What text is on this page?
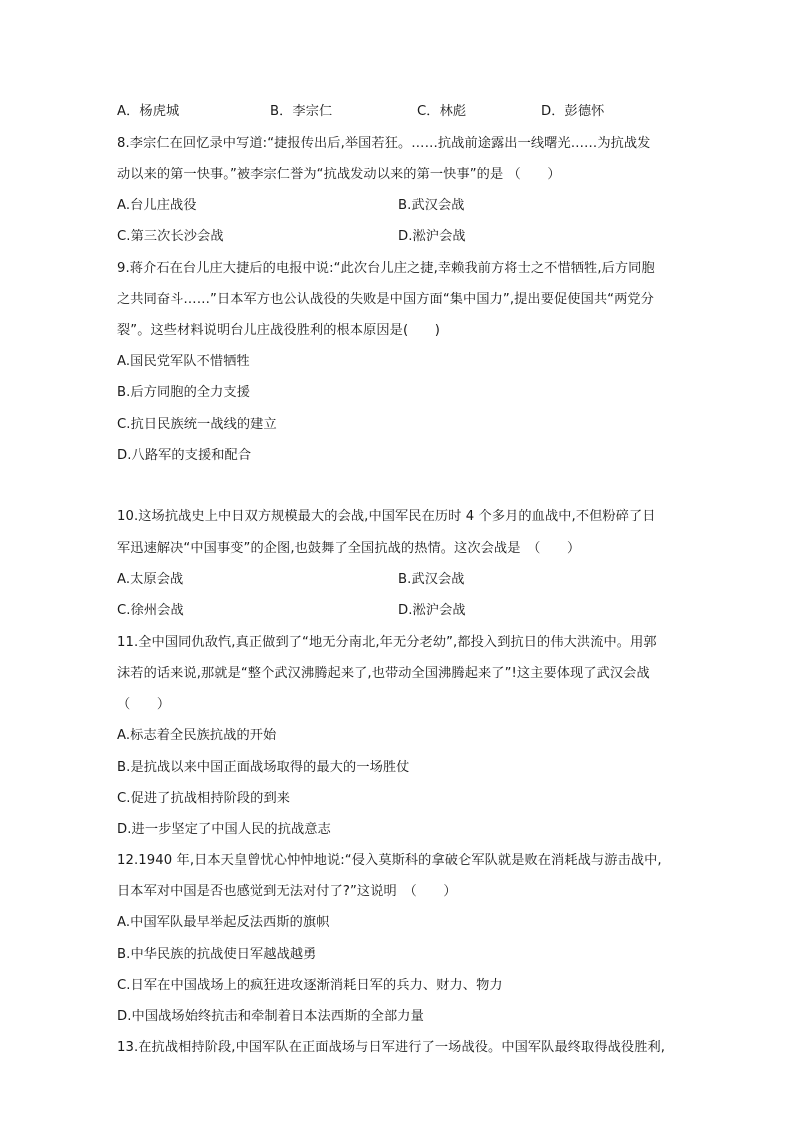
A．杨虎城	B．李宗仁	C．林彪	D．彭德怀
8.李宗仁在回忆录中写道:“捷报传出后,举国若狂。……抗战前途露出一线曙光……为抗战发
动以来的第一快事。”被李宗仁誉为“抗战发动以来的第一快事”的是 （　　）
A.台儿庄战役	B.武汉会战
C.第三次长沙会战	D.淞沪会战
9.蒋介石在台儿庄大捷后的电报中说:“此次台儿庄之捷,幸赖我前方将士之不惜牺牲,后方同胞
之共同奋斗……”日本军方也公认战役的失败是中国方面“集中国力”,提出要促使国共“两党分
裂”。这些材料说明台儿庄战役胜利的根本原因是(　　)
A.国民党军队不惜牺牲
B.后方同胞的全力支援
C.抗日民族统一战线的建立
D.八路军的支援和配合
10.这场抗战史上中日双方规模最大的会战,中国军民在历时 4 个多月的血战中,不但粉碎了日
军迅速解决“中国事变”的企图,也鼓舞了全国抗战的热情。这次会战是　（　　）
A.太原会战	B.武汉会战
C.徐州会战	D.淞沪会战
11.全中国同仇敌忾,真正做到了“地无分南北,年无分老幼”,都投入到抗日的伟大洪流中。用郭
沫若的话来说,那就是“整个武汉沸腾起来了,也带动全国沸腾起来了”!这主要体现了武汉会战
（　　）
A.标志着全民族抗战的开始
B.是抗战以来中国正面战场取得的最大的一场胜仗
C.促进了抗战相持阶段的到来
D.进一步坚定了中国人民的抗战意志
12.1940 年,日本天皇曾忧心忡忡地说:“侵入莫斯科的拿破仑军队就是败在消耗战与游击战中,
日本军对中国是否也感觉到无法对付了?”这说明　（　　）
A.中国军队最早举起反法西斯的旗帜
B.中华民族的抗战使日军越战越勇
C.日军在中国战场上的疯狂进攻逐渐消耗日军的兵力、财力、物力
D.中国战场始终抗击和牵制着日本法西斯的全部力量
13.在抗战相持阶段,中国军队在正面战场与日军进行了一场战役。中国军队最终取得战役胜利,
